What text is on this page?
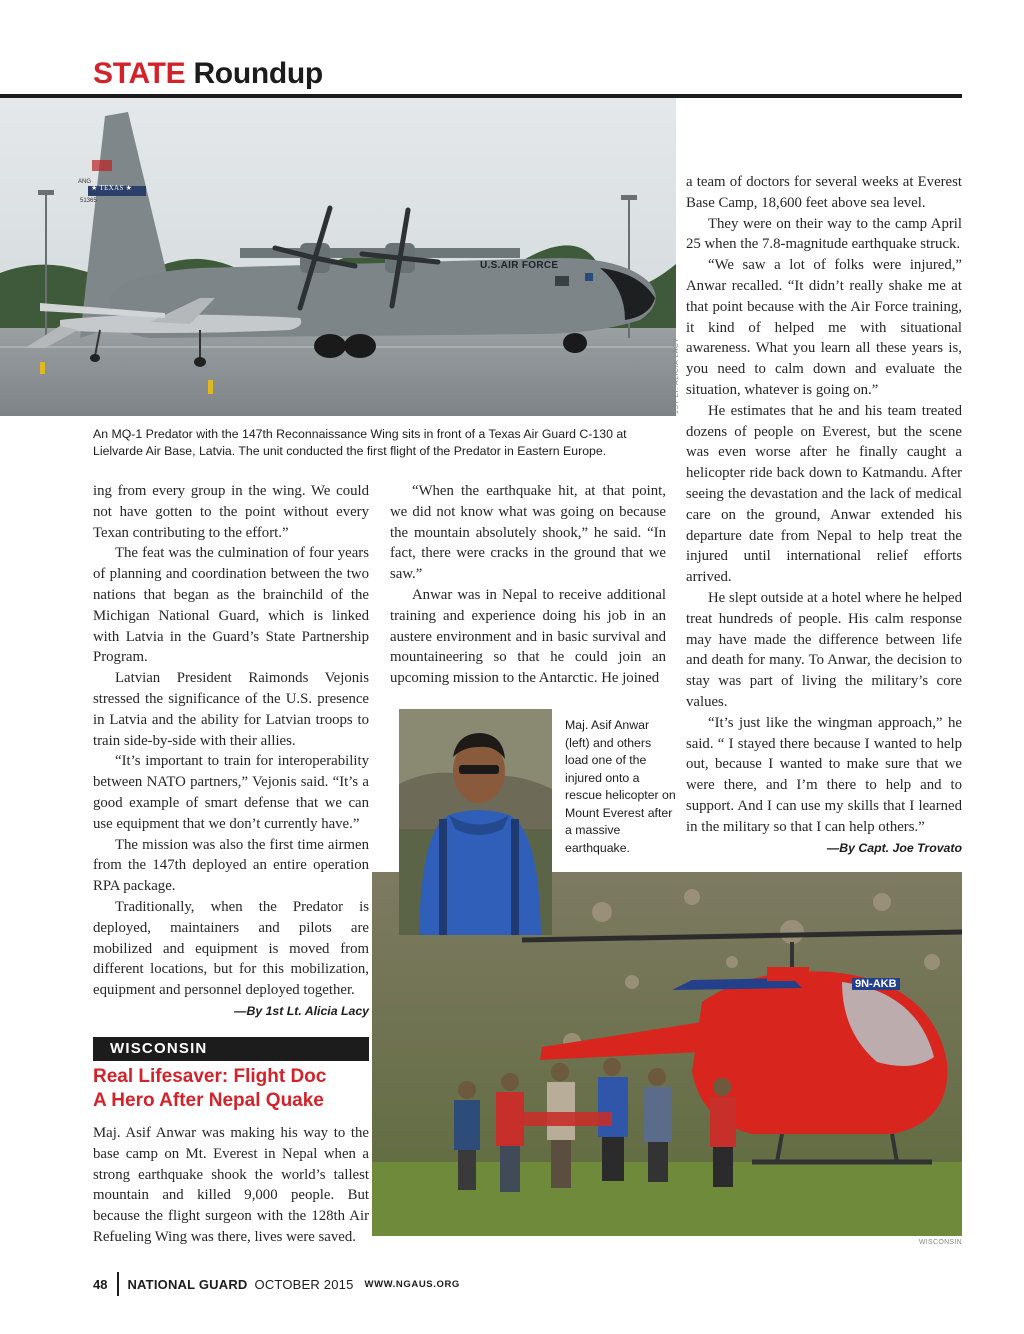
STATE Roundup
ANG
★ TEXAS ★
51365
U.S.AIR FORCE
1ST LT. ALICIA LACY
An MQ-1 Predator with the 147th Reconnaissance Wing sits in front of a Texas Air Guard C-130 at Lielvarde Air Base, Latvia. The unit conducted the first flight of the Predator in Eastern Europe.

ing from every group in the wing. We could not have gotten to the point without every Texan contributing to the effort.”

The feat was the culmination of four years of planning and coordination between the two nations that began as the brainchild of the Michigan National Guard, which is linked with Latvia in the Guard’s State Partnership Program.

Latvian President Raimonds Vejonis stressed the significance of the U.S. presence in Latvia and the ability for Latvian troops to train side-by-side with their allies.

“It’s important to train for interoperability between NATO partners,” Vejonis said. “It’s a good example of smart defense that we can use equipment that we don’t currently have.”

The mission was also the first time airmen from the 147th deployed an entire operation RPA package.

Traditionally, when the Predator is deployed, maintainers and pilots are mobilized and equipment is moved from different locations, but for this mobilization, equipment and personnel deployed together.

—By 1st Lt. Alicia Lacy
WISCONSIN
Real Lifesaver: Flight Doc
A Hero After Nepal Quake

Maj. Asif Anwar was making his way to the base camp on Mt. Everest in Nepal when a strong earthquake shook the world’s tallest mountain and killed 9,000 people. But because the flight surgeon with the 128th Air Refueling Wing was there, lives were saved.

“When the earthquake hit, at that point, we did not know what was going on because the mountain absolutely shook,” he said. “In fact, there were cracks in the ground that we saw.”

Anwar was in Nepal to receive additional training and experience doing his job in an austere environment and in basic survival and mountaineering so that he could join an upcoming mission to the Antarctic. He joined

a team of doctors for several weeks at Everest Base Camp, 18,600 feet above sea level.

They were on their way to the camp April 25 when the 7.8-magnitude earthquake struck.

“We saw a lot of folks were injured,” Anwar recalled. “It didn’t really shake me at that point because with the Air Force training, it kind of helped me with situational awareness. What you learn all these years is, you need to calm down and evaluate the situation, whatever is going on.”

He estimates that he and his team treated dozens of people on Everest, but the scene was even worse after he finally caught a helicopter ride back down to Katmandu. After seeing the devastation and the lack of medical care on the ground, Anwar extended his departure date from Nepal to help treat the injured until international relief efforts arrived.

He slept outside at a hotel where he helped treat hundreds of people. His calm response may have made the difference between life and death for many. To Anwar, the decision to stay was part of living the military’s core values.

“It’s just like the wingman approach,” he said. “ I stayed there because I wanted to help out, because I wanted to make sure that we were there, and I’m there to help and to support. And I can use my skills that I learned in the military so that I can help others.”

—By Capt. Joe Trovato
9N-AKB
WISCONSIN
Maj. Asif Anwar (left) and others load one of the injured onto a rescue helicopter on Mount Everest after a massive earthquake.
48 NATIONAL GUARD OCTOBER 2015 WWW.NGAUS.ORG
